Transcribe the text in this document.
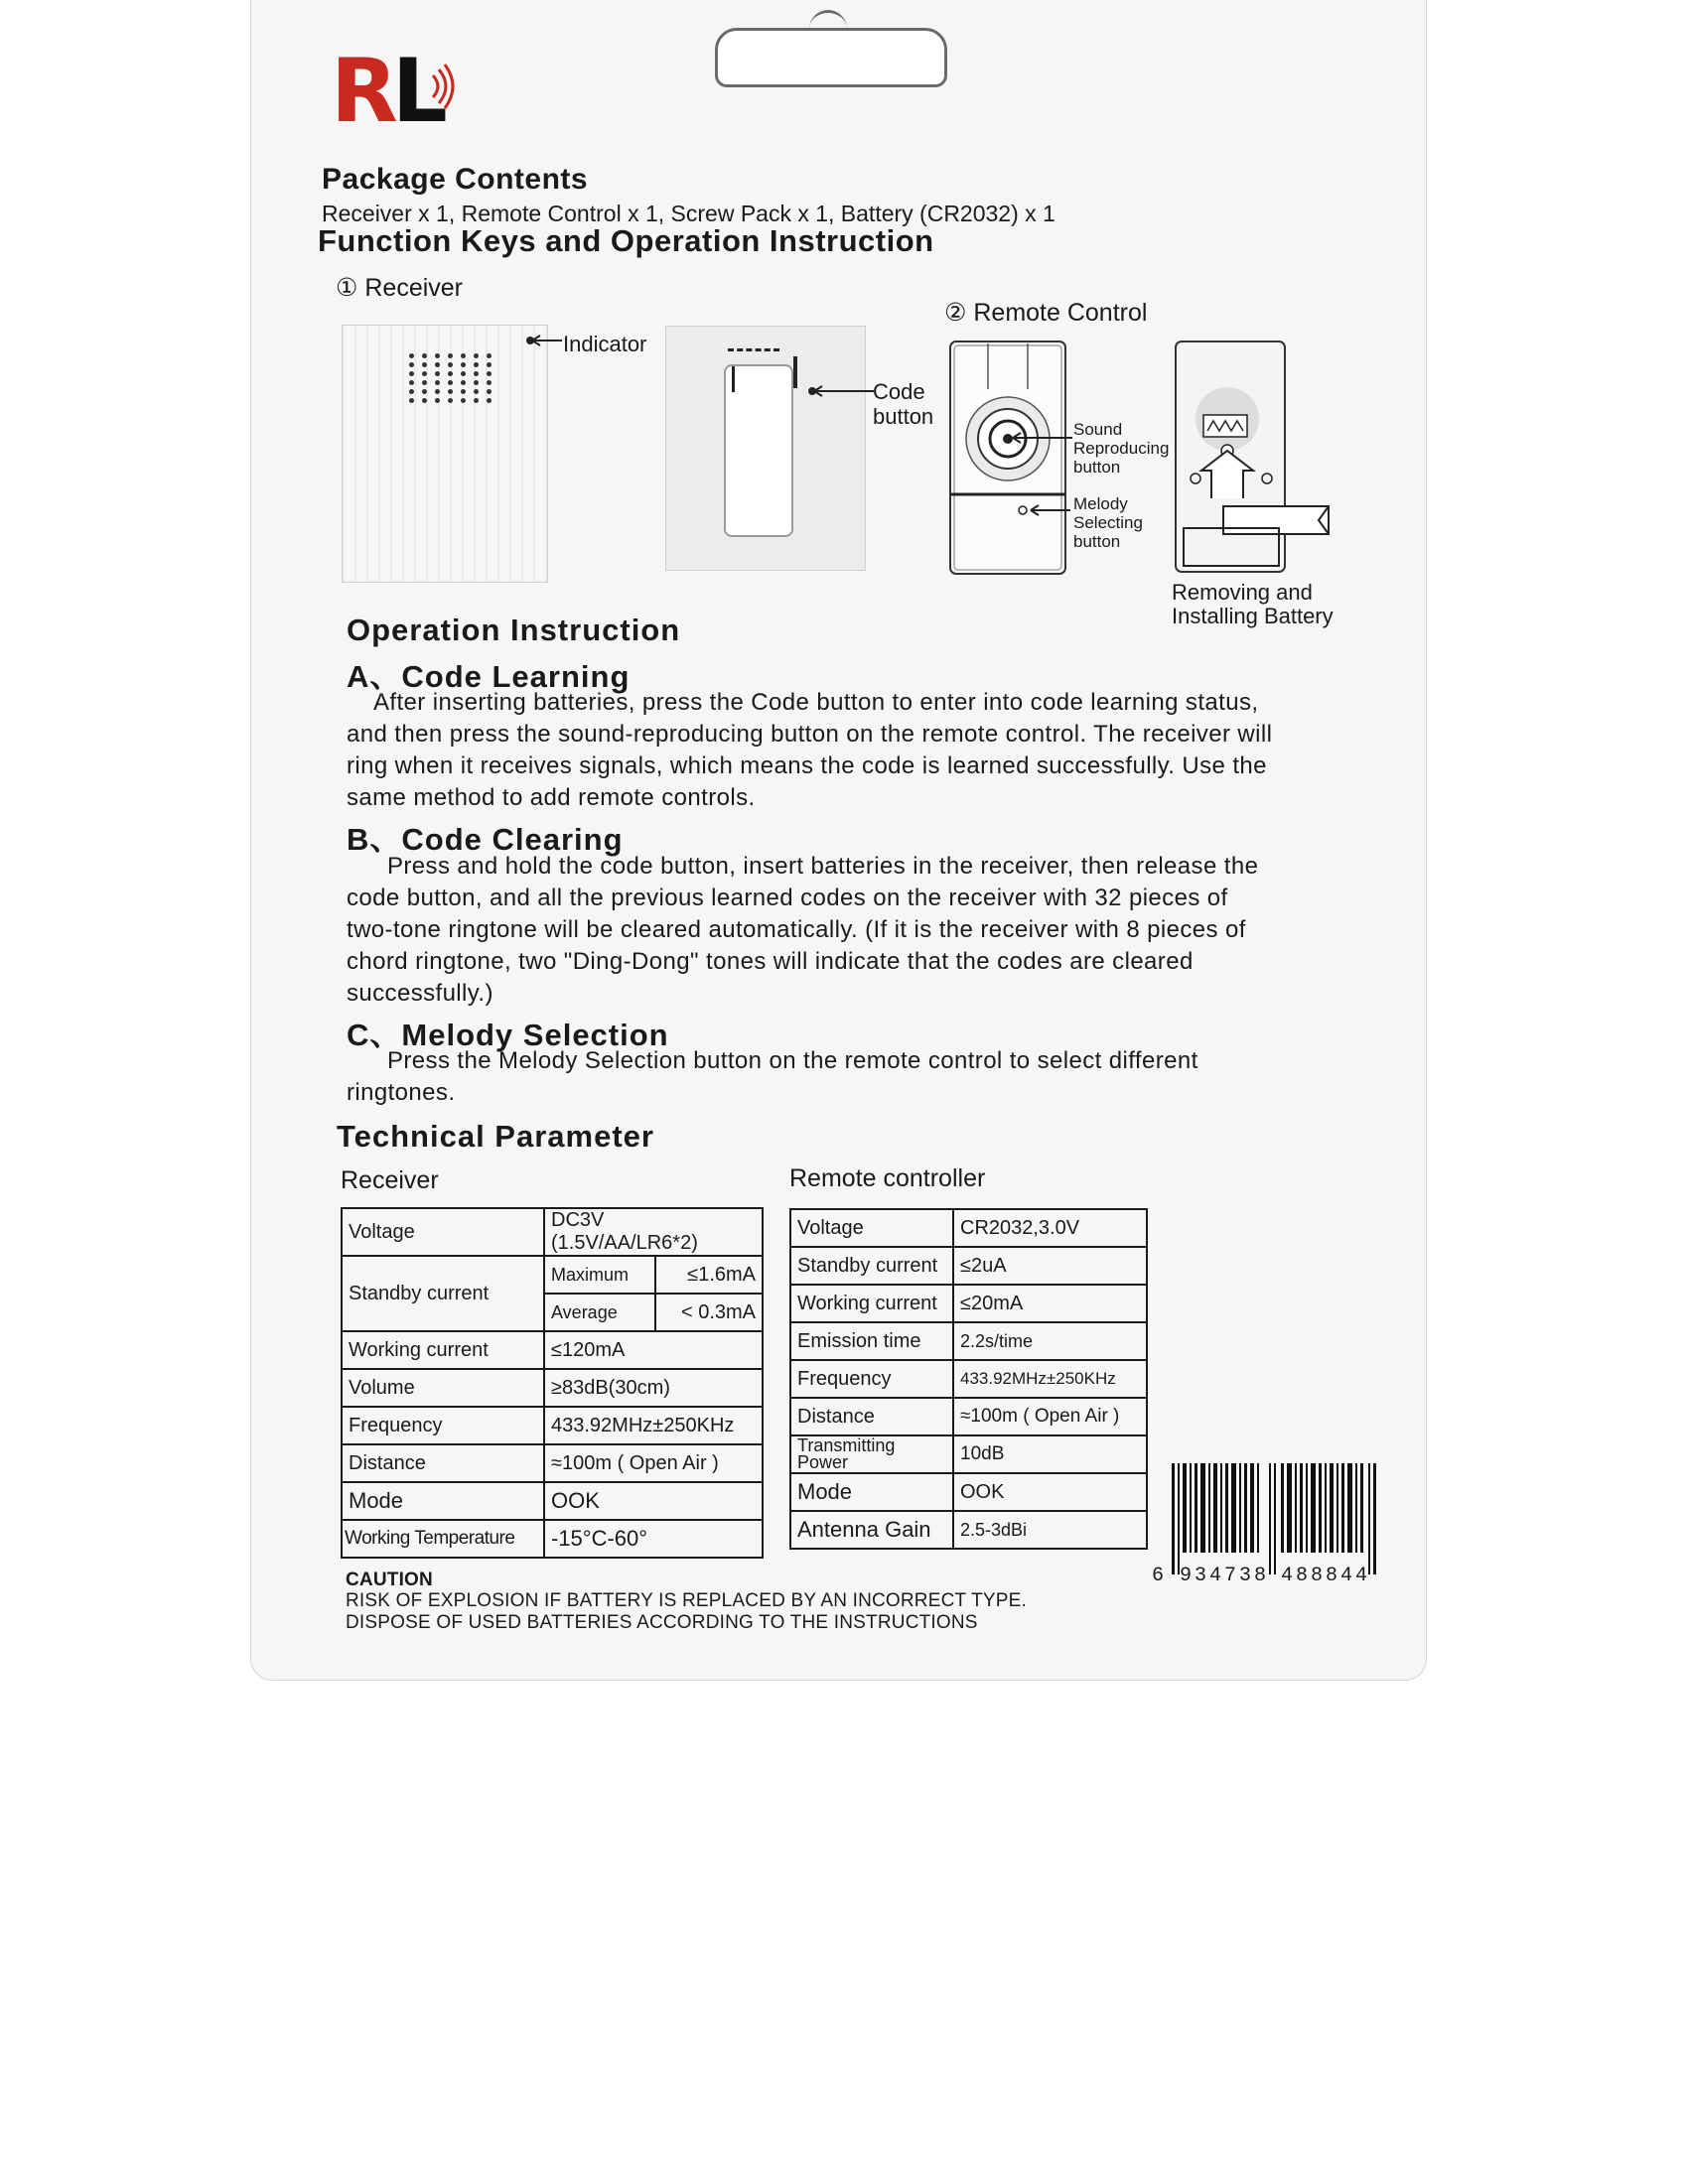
RL
Package Contents
Receiver x 1, Remote Control x 1, Screw Pack x 1, Battery (CR2032) x 1
Function Keys and Operation Instruction
① Receiver
② Remote Control
Indicator
Code
button
Sound
Reproducing
button
Melody
Selecting
button
Removing and
Installing Battery
Operation Instruction
A、Code Learning
After inserting batteries, press the Code button to enter into code learning status,
and then press the sound-reproducing button on the remote control. The receiver will
ring when it receives signals, which means the code is learned successfully. Use the
same method to add remote controls.
B、Code Clearing
Press and hold the code button, insert batteries in the receiver, then release the
code button, and all the previous learned codes on the receiver with 32 pieces of
two-tone ringtone will be cleared automatically. (If it is the receiver with 8 pieces of
chord ringtone, two "Ding-Dong" tones will indicate that the codes are cleared
successfully.)
C、Melody Selection
Press the Melody Selection button on the remote control to select different
ringtones.
Technical Parameter
Receiver	Remote controller
Voltage	DC3V (1.5V/AA/LR6*2)	
Standby current	Maximum	≤1.6mA
	Average	< 0.3mA
Working current	≤120mA	
Volume	≥83dB(30cm)	
Frequency	433.92MHz±250KHz	
Distance	≈100m ( Open Air )	
Mode	OOK	
Working Temperature	-15°C-60°	
Voltage	CR2032,3.0V
Standby current	≤2uA
Working current	≤20mA
Emission time	2.2s/time
Frequency	433.92MHz±250KHz
Distance	≈100m ( Open Air )
Transmitting Power	10dB
Mode	OOK
Antenna Gain	2.5-3dBi
6 934738 488844
CAUTION
RISK OF EXPLOSION IF BATTERY IS REPLACED BY AN INCORRECT TYPE.
DISPOSE OF USED BATTERIES ACCORDING TO THE INSTRUCTIONS
